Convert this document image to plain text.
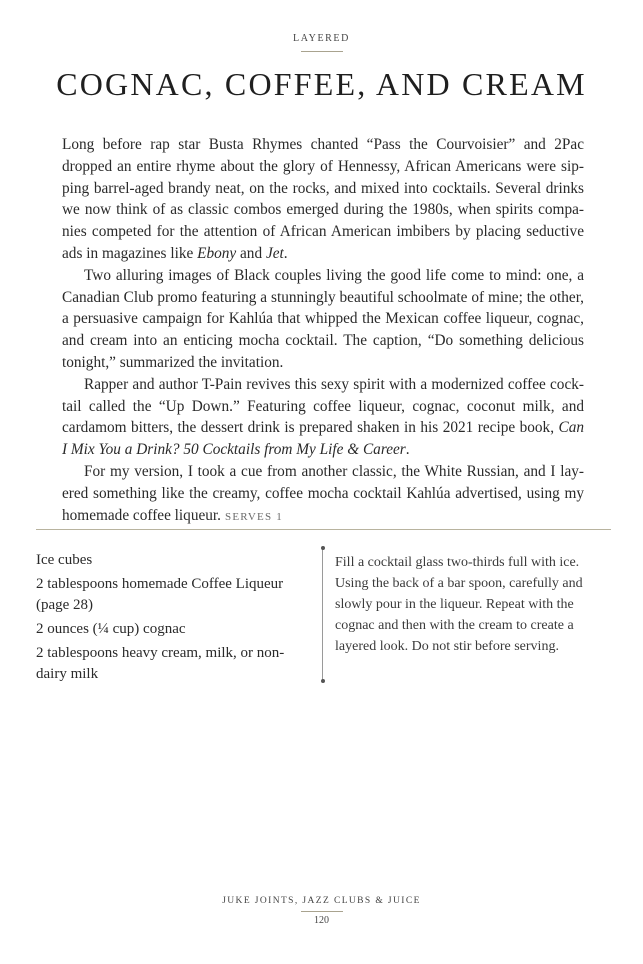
LAYERED
COGNAC, COFFEE, AND CREAM

Long before rap star Busta Rhymes chanted “Pass the Courvoisier” and 2Pac dropped an entire rhyme about the glory of Hennessy, African Americans were sipping barrel-aged brandy neat, on the rocks, and mixed into cocktails. Several drinks we now think of as classic combos emerged during the 1980s, when spirits companies competed for the attention of African American imbibers by placing seductive ads in magazines like Ebony and Jet.

Two alluring images of Black couples living the good life come to mind: one, a Canadian Club promo featuring a stunningly beautiful schoolmate of mine; the other, a persuasive campaign for Kahlúa that whipped the Mexican coffee liqueur, cognac, and cream into an enticing mocha cocktail. The caption, “Do something delicious tonight,” summarized the invitation.

Rapper and author T-Pain revives this sexy spirit with a modernized coffee cocktail called the “Up Down.” Featuring coffee liqueur, cognac, coconut milk, and cardamom bitters, the dessert drink is prepared shaken in his 2021 recipe book, Can I Mix You a Drink? 50 Cocktails from My Life & Career.

For my version, I took a cue from another classic, the White Russian, and I layered something like the creamy, coffee mocha cocktail Kahlúa advertised, using my homemade coffee liqueur. SERVES 1

Ice cubes
2 tablespoons homemade Coffee Liqueur (page 28)
2 ounces (¼ cup) cognac
2 tablespoons heavy cream, milk, or non-dairy milk

Fill a cocktail glass two-thirds full with ice. Using the back of a bar spoon, carefully and slowly pour in the liqueur. Repeat with the cognac and then with the cream to create a layered look. Do not stir before serving.

JUKE JOINTS, JAZZ CLUBS & JUICE
120
